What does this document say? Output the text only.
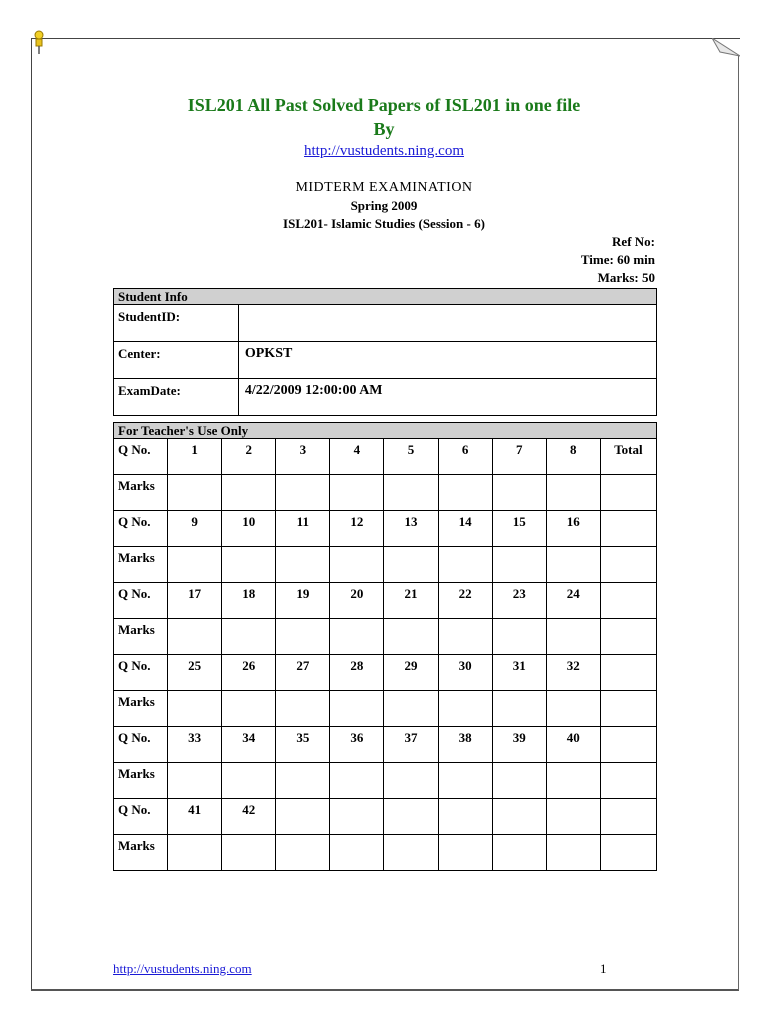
ISL201 All Past Solved Papers of ISL201 in one file
By
http://vustudents.ning.com
MIDTERM EXAMINATION
Spring 2009
ISL201- Islamic Studies (Session - 6)
Ref No:
Time: 60 min
Marks: 50
Student Info	
StudentID:	
Center:	OPKST
ExamDate:	4/22/2009 12:00:00 AM
For Teacher's Use Only									
Q No.	1	2	3	4	5	6	7	8	Total
Marks									
Q No.	9	10	11	12	13	14	15	16	
Marks									
Q No.	17	18	19	20	21	22	23	24	
Marks									
Q No.	25	26	27	28	29	30	31	32	
Marks									
Q No.	33	34	35	36	37	38	39	40	
Marks									
Q No.	41	42							
Marks									
http://vustudents.ning.com	1
